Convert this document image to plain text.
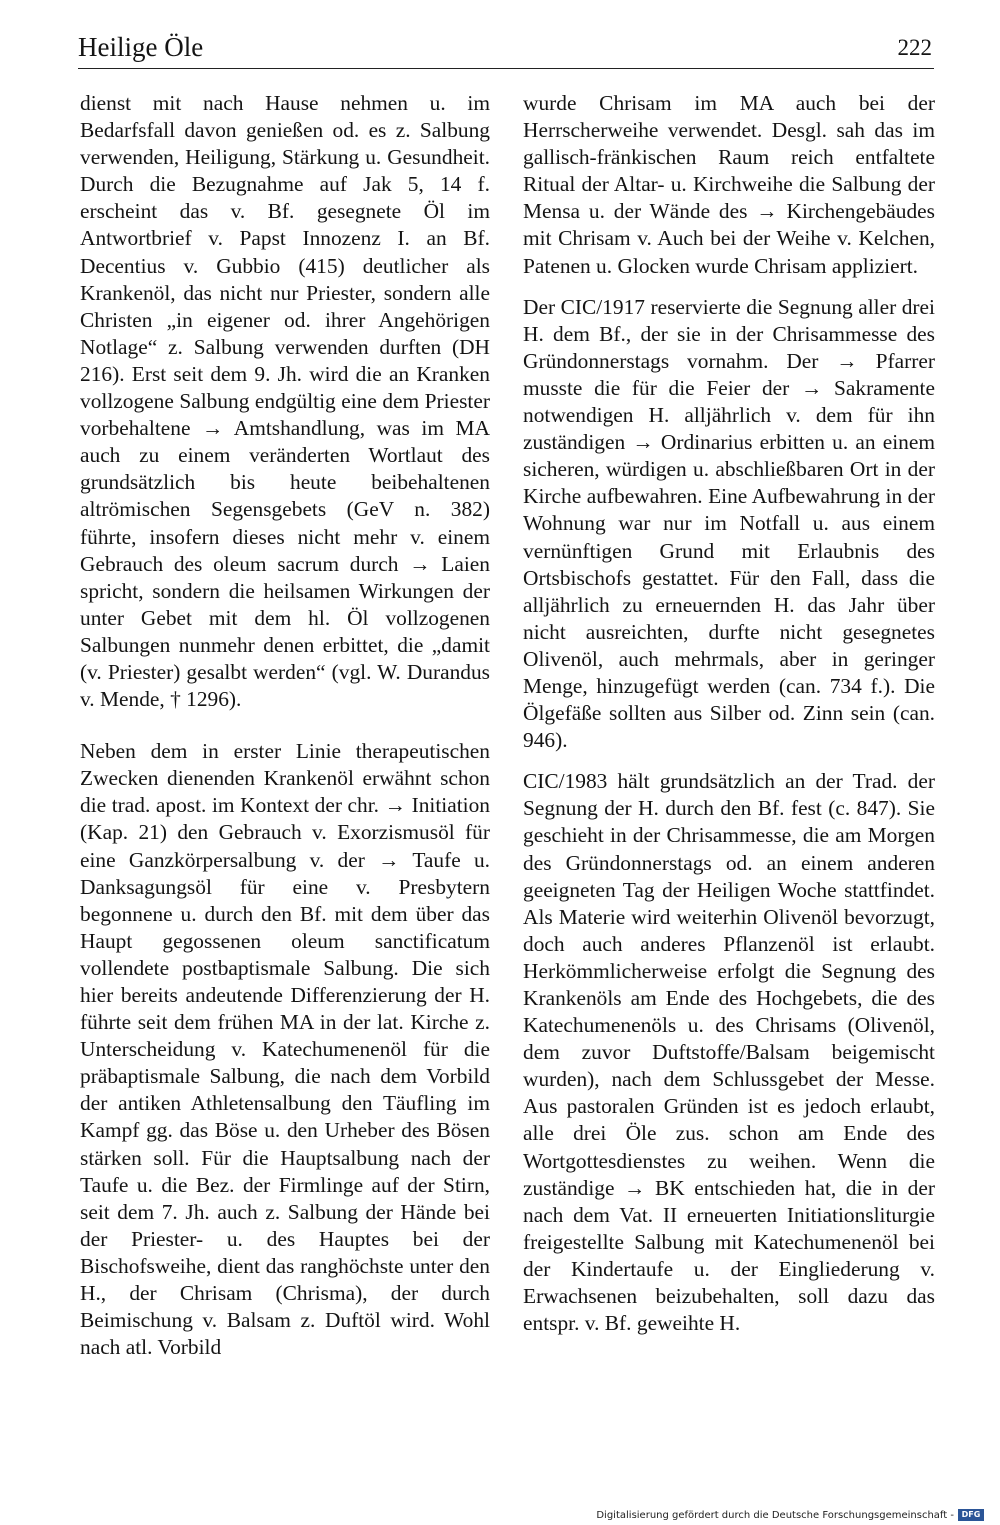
Heilige Öle	222

dienst mit nach Hause nehmen u. im Bedarfsfall davon genießen od. es z. Salbung verwenden, Heiligung, Stärkung u. Gesundheit. Durch die Bezugnahme auf Jak 5, 14 f. erscheint das v. Bf. gesegnete Öl im Antwortbrief v. Papst Innozenz I. an Bf. Decentius v. Gubbio (415) deutlicher als Krankenöl, das nicht nur Priester, sondern alle Christen „in eigener od. ihrer Angehörigen Notlage“ z. Salbung verwenden durften (DH 216). Erst seit dem 9. Jh. wird die an Kranken vollzogene Salbung endgültig eine dem Priester vorbehaltene → Amtshandlung, was im MA auch zu einem veränderten Wortlaut des grundsätzlich bis heute beibehaltenen altrömischen Segensgebets (GeV n. 382) führte, insofern dieses nicht mehr v. einem Gebrauch des oleum sacrum durch → Laien spricht, sondern die heilsamen Wirkungen der unter Gebet mit dem hl. Öl vollzogenen Salbungen nunmehr denen erbittet, die „damit (v. Priester) gesalbt werden“ (vgl. W. Durandus v. Mende, † 1296).

Neben dem in erster Linie therapeutischen Zwecken dienenden Krankenöl erwähnt schon die trad. apost. im Kontext der chr. → Initiation (Kap. 21) den Gebrauch v. Exorzismusöl für eine Ganzkörpersalbung v. der → Taufe u. Danksagungsöl für eine v. Presbytern begonnene u. durch den Bf. mit dem über das Haupt gegossenen oleum sanctificatum vollendete postbaptismale Salbung. Die sich hier bereits andeutende Differenzierung der H. führte seit dem frühen MA in der lat. Kirche z. Unterscheidung v. Katechumenenöl für die präbaptismale Salbung, die nach dem Vorbild der antiken Athletensalbung den Täufling im Kampf gg. das Böse u. den Urheber des Bösen stärken soll. Für die Hauptsalbung nach der Taufe u. die Bez. der Firmlinge auf der Stirn, seit dem 7. Jh. auch z. Salbung der Hände bei der Priester- u. des Hauptes bei der Bischofsweihe, dient das ranghöchste unter den H., der Chrisam (Chrisma), der durch Beimischung v. Balsam z. Duftöl wird. Wohl nach atl. Vorbild

wurde Chrisam im MA auch bei der Herrscherweihe verwendet. Desgl. sah das im gallisch-fränkischen Raum reich entfaltete Ritual der Altar- u. Kirchweihe die Salbung der Mensa u. der Wände des → Kirchengebäudes mit Chrisam v. Auch bei der Weihe v. Kelchen, Patenen u. Glocken wurde Chrisam appliziert.

Der CIC/1917 reservierte die Segnung aller drei H. dem Bf., der sie in der Chrisammesse des Gründonnerstags vornahm. Der → Pfarrer musste die für die Feier der → Sakramente notwendigen H. alljährlich v. dem für ihn zuständigen → Ordinarius erbitten u. an einem sicheren, würdigen u. abschließbaren Ort in der Kirche aufbewahren. Eine Aufbewahrung in der Wohnung war nur im Notfall u. aus einem vernünftigen Grund mit Erlaubnis des Ortsbischofs gestattet. Für den Fall, dass die alljährlich zu erneuernden H. das Jahr über nicht ausreichten, durfte nicht gesegnetes Olivenöl, auch mehrmals, aber in geringer Menge, hinzugefügt werden (can. 734 f.). Die Ölgefäße sollten aus Silber od. Zinn sein (can. 946).

CIC/1983 hält grundsätzlich an der Trad. der Segnung der H. durch den Bf. fest (c. 847). Sie geschieht in der Chrisammesse, die am Morgen des Gründonnerstags od. an einem anderen geeigneten Tag der Heiligen Woche stattfindet. Als Materie wird weiterhin Olivenöl bevorzugt, doch auch anderes Pflanzenöl ist erlaubt. Herkömmlicherweise erfolgt die Segnung des Krankenöls am Ende des Hochgebets, die des Katechumenenöls u. des Chrisams (Olivenöl, dem zuvor Duftstoffe/Balsam beigemischt wurden), nach dem Schlussgebet der Messe. Aus pastoralen Gründen ist es jedoch erlaubt, alle drei Öle zus. schon am Ende des Wortgottesdienstes zu weihen. Wenn die zuständige → BK entschieden hat, die in der nach dem Vat. II erneuerten Initiationsliturgie freigestellte Salbung mit Katechumenenöl bei der Kindertaufe u. der Eingliederung v. Erwachsenen beizubehalten, soll dazu das entspr. v. Bf. geweihte H.

Digitalisierung gefördert durch die Deutsche Forschungsgemeinschaft - DFG
